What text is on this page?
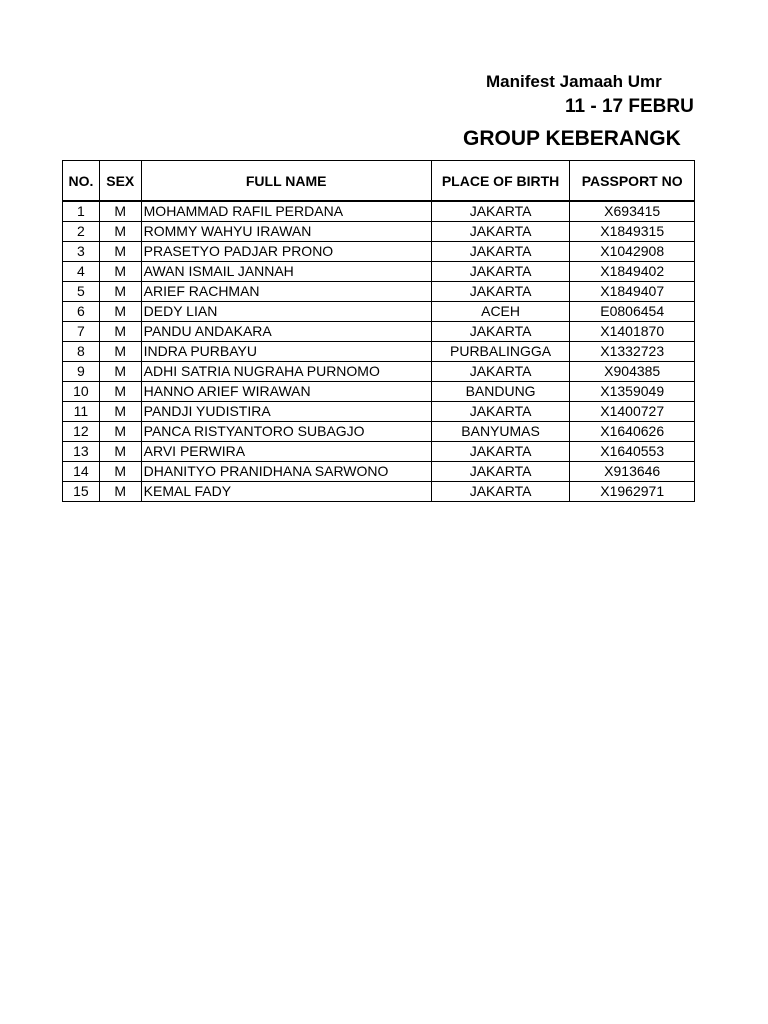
Manifest Jamaah Umr
11 - 17 FEBRU
GROUP KEBERANGK
NO.	SEX	FULL NAME	PLACE OF BIRTH	PASSPORT NO
1	M	MOHAMMAD RAFIL PERDANA	JAKARTA	X693415
2	M	ROMMY WAHYU IRAWAN	JAKARTA	X1849315
3	M	PRASETYO PADJAR PRONO	JAKARTA	X1042908
4	M	AWAN ISMAIL JANNAH	JAKARTA	X1849402
5	M	ARIEF RACHMAN	JAKARTA	X1849407
6	M	DEDY LIAN	ACEH	E0806454
7	M	PANDU ANDAKARA	JAKARTA	X1401870
8	M	INDRA PURBAYU	PURBALINGGA	X1332723
9	M	ADHI SATRIA NUGRAHA PURNOMO	JAKARTA	X904385
10	M	HANNO ARIEF WIRAWAN	BANDUNG	X1359049
11	M	PANDJI YUDISTIRA	JAKARTA	X1400727
12	M	PANCA RISTYANTORO SUBAGJO	BANYUMAS	X1640626
13	M	ARVI PERWIRA	JAKARTA	X1640553
14	M	DHANITYO PRANIDHANA SARWONO	JAKARTA	X913646
15	M	KEMAL FADY	JAKARTA	X1962971
